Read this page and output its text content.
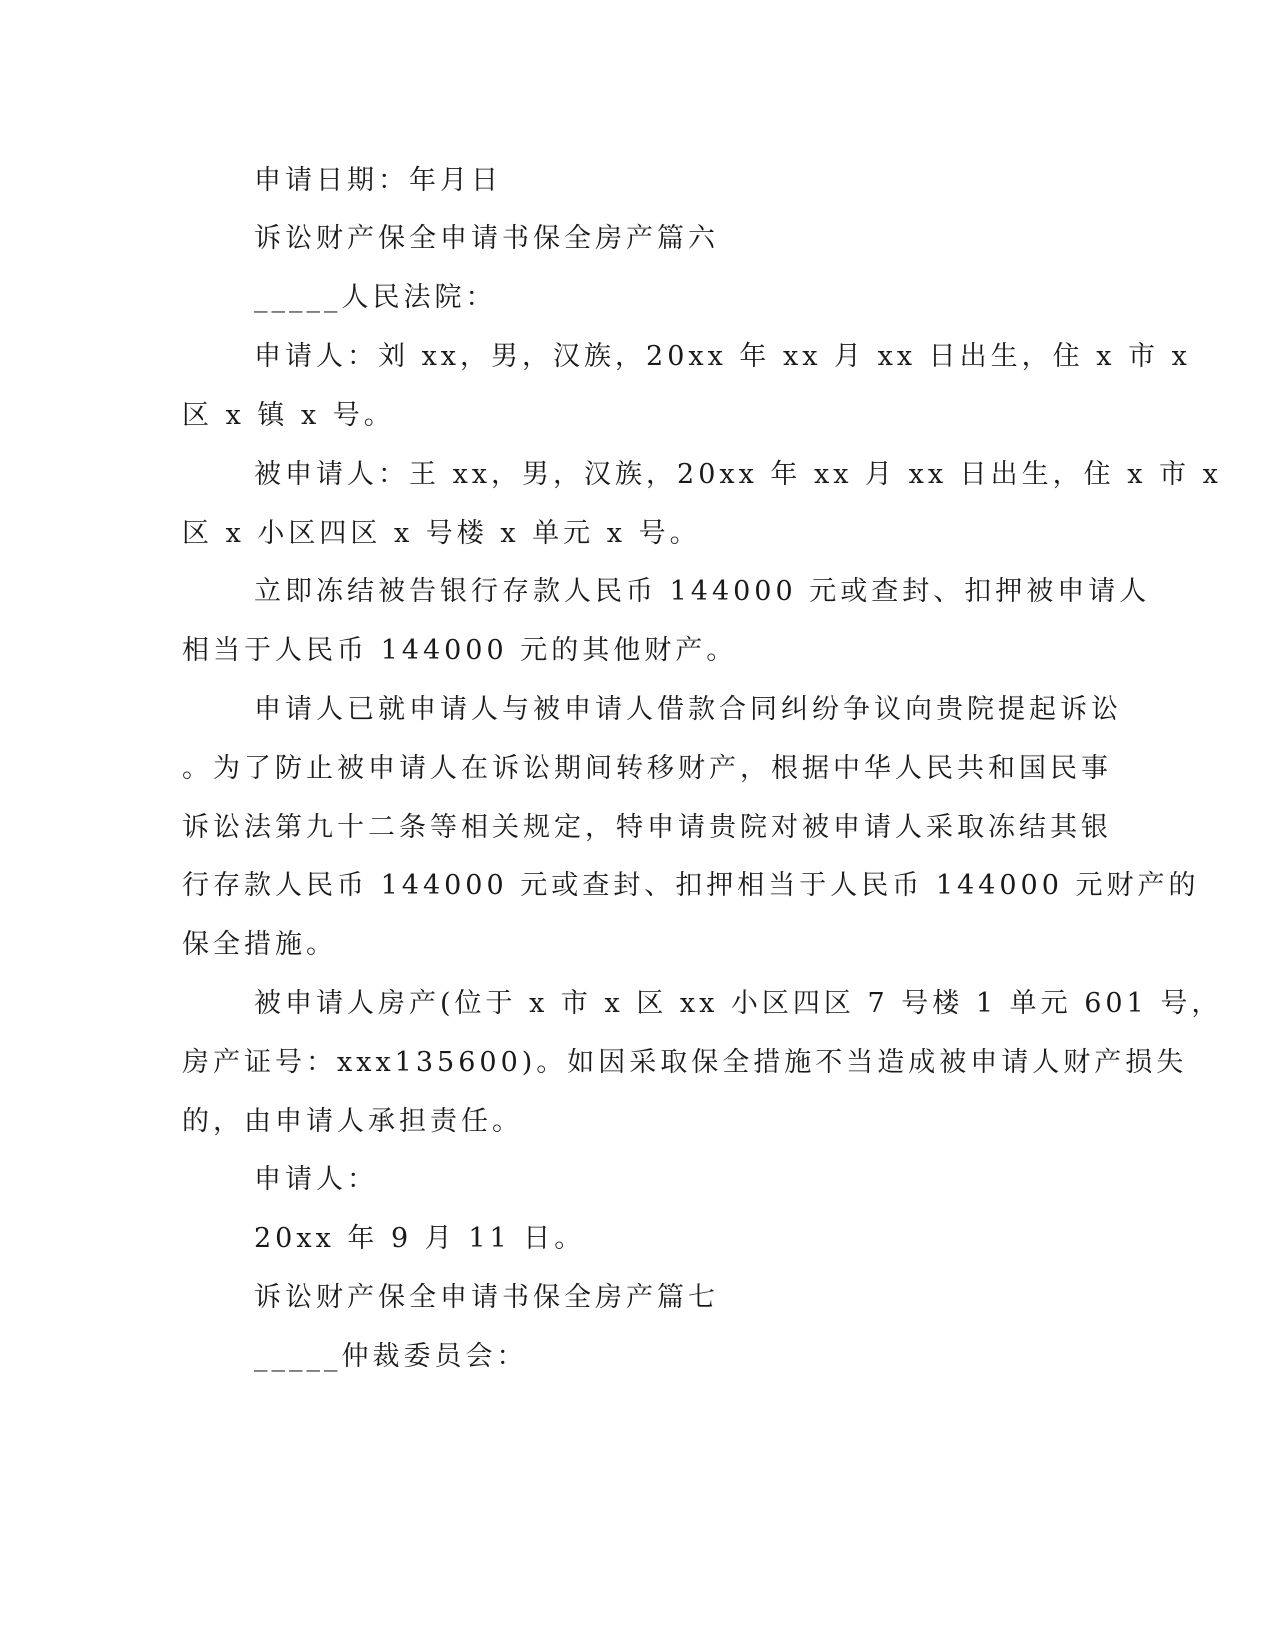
申请日期：年月日
诉讼财产保全申请书保全房产篇六
_____人民法院：
申请人：刘 xx，男，汉族，20xx 年 xx 月 xx 日出生，住 x 市 x
区 x 镇 x 号。
被申请人：王 xx，男，汉族，20xx 年 xx 月 xx 日出生，住 x 市 x
区 x 小区四区 x 号楼 x 单元 x 号。
立即冻结被告银行存款人民币 144000 元或查封、扣押被申请人
相当于人民币 144000 元的其他财产。
申请人已就申请人与被申请人借款合同纠纷争议向贵院提起诉讼
。为了防止被申请人在诉讼期间转移财产，根据中华人民共和国民事
诉讼法第九十二条等相关规定，特申请贵院对被申请人采取冻结其银
行存款人民币 144000 元或查封、扣押相当于人民币 144000 元财产的
保全措施。
被申请人房产(位于 x 市 x 区 xx 小区四区 7 号楼 1 单元 601 号，
房产证号：xxx135600)。如因采取保全措施不当造成被申请人财产损失
的，由申请人承担责任。
申请人：
20xx 年 9 月 11 日。
诉讼财产保全申请书保全房产篇七
_____仲裁委员会：
